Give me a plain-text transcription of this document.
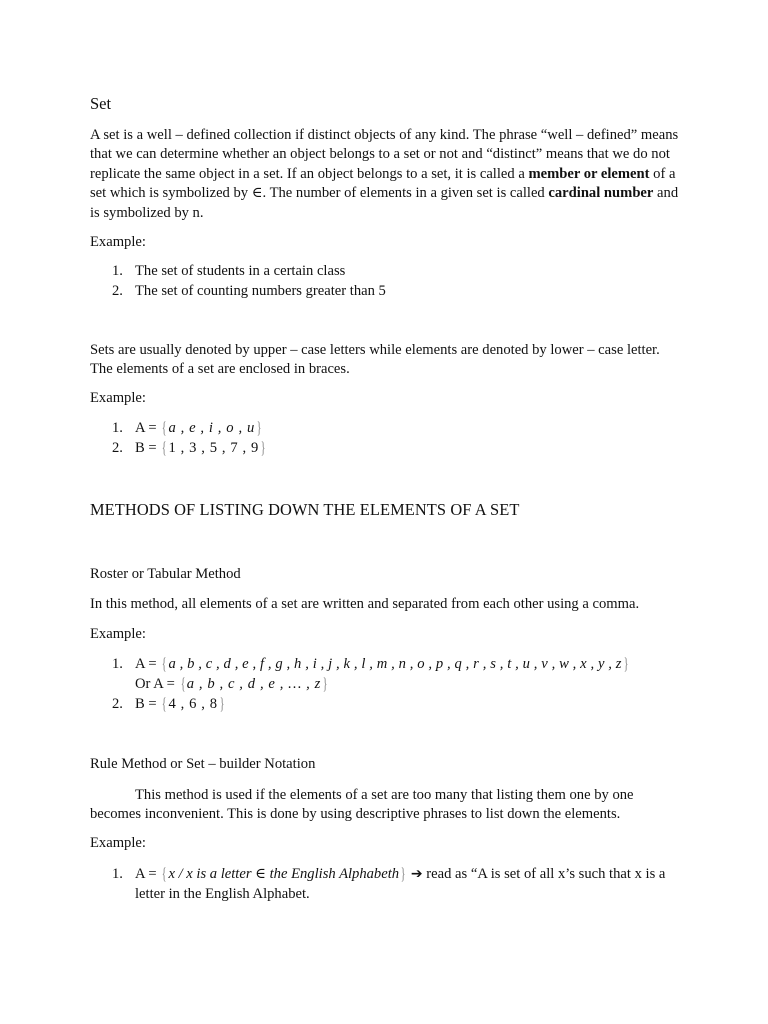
Set

A set is a well – defined collection if distinct objects of any kind. The phrase “well – defined” means that we can determine whether an object belongs to a set or not and “distinct” means that we do not replicate the same object in a set. If an object belongs to a set, it is called a member or element of a set which is symbolized by ∈. The number of elements in a given set is called cardinal number and is symbolized by n.

Example:

1. The set of students in a certain class
2. The set of counting numbers greater than 5

Sets are usually denoted by upper – case letters while elements are denoted by lower – case letter. The elements of a set are enclosed in braces.

Example:

1. A = { a , e , i , o , u }
2. B = { 1 , 3 , 5 , 7 , 9 }

METHODS OF LISTING DOWN THE ELEMENTS OF A SET

Roster or Tabular Method

In this method, all elements of a set are written and separated from each other using a comma.

Example:

1. A = { a , b , c , d , e , f , g , h , i , j , k , l , m , n , o , p , q , r , s , t , u , v , w , x , y , z }
Or A = { a , b , c , d , e , … , z }
2. B = { 4 , 6 , 8 }

Rule Method or Set – builder Notation

This method is used if the elements of a set are too many that listing them one by one becomes inconvenient. This is done by using descriptive phrases to list down the elements.

Example:

1. A = { x / x is a letter ∈ the English Alphabeth } ➔ read as “A is set of all x’s such that x is a letter in the English Alphabet.
